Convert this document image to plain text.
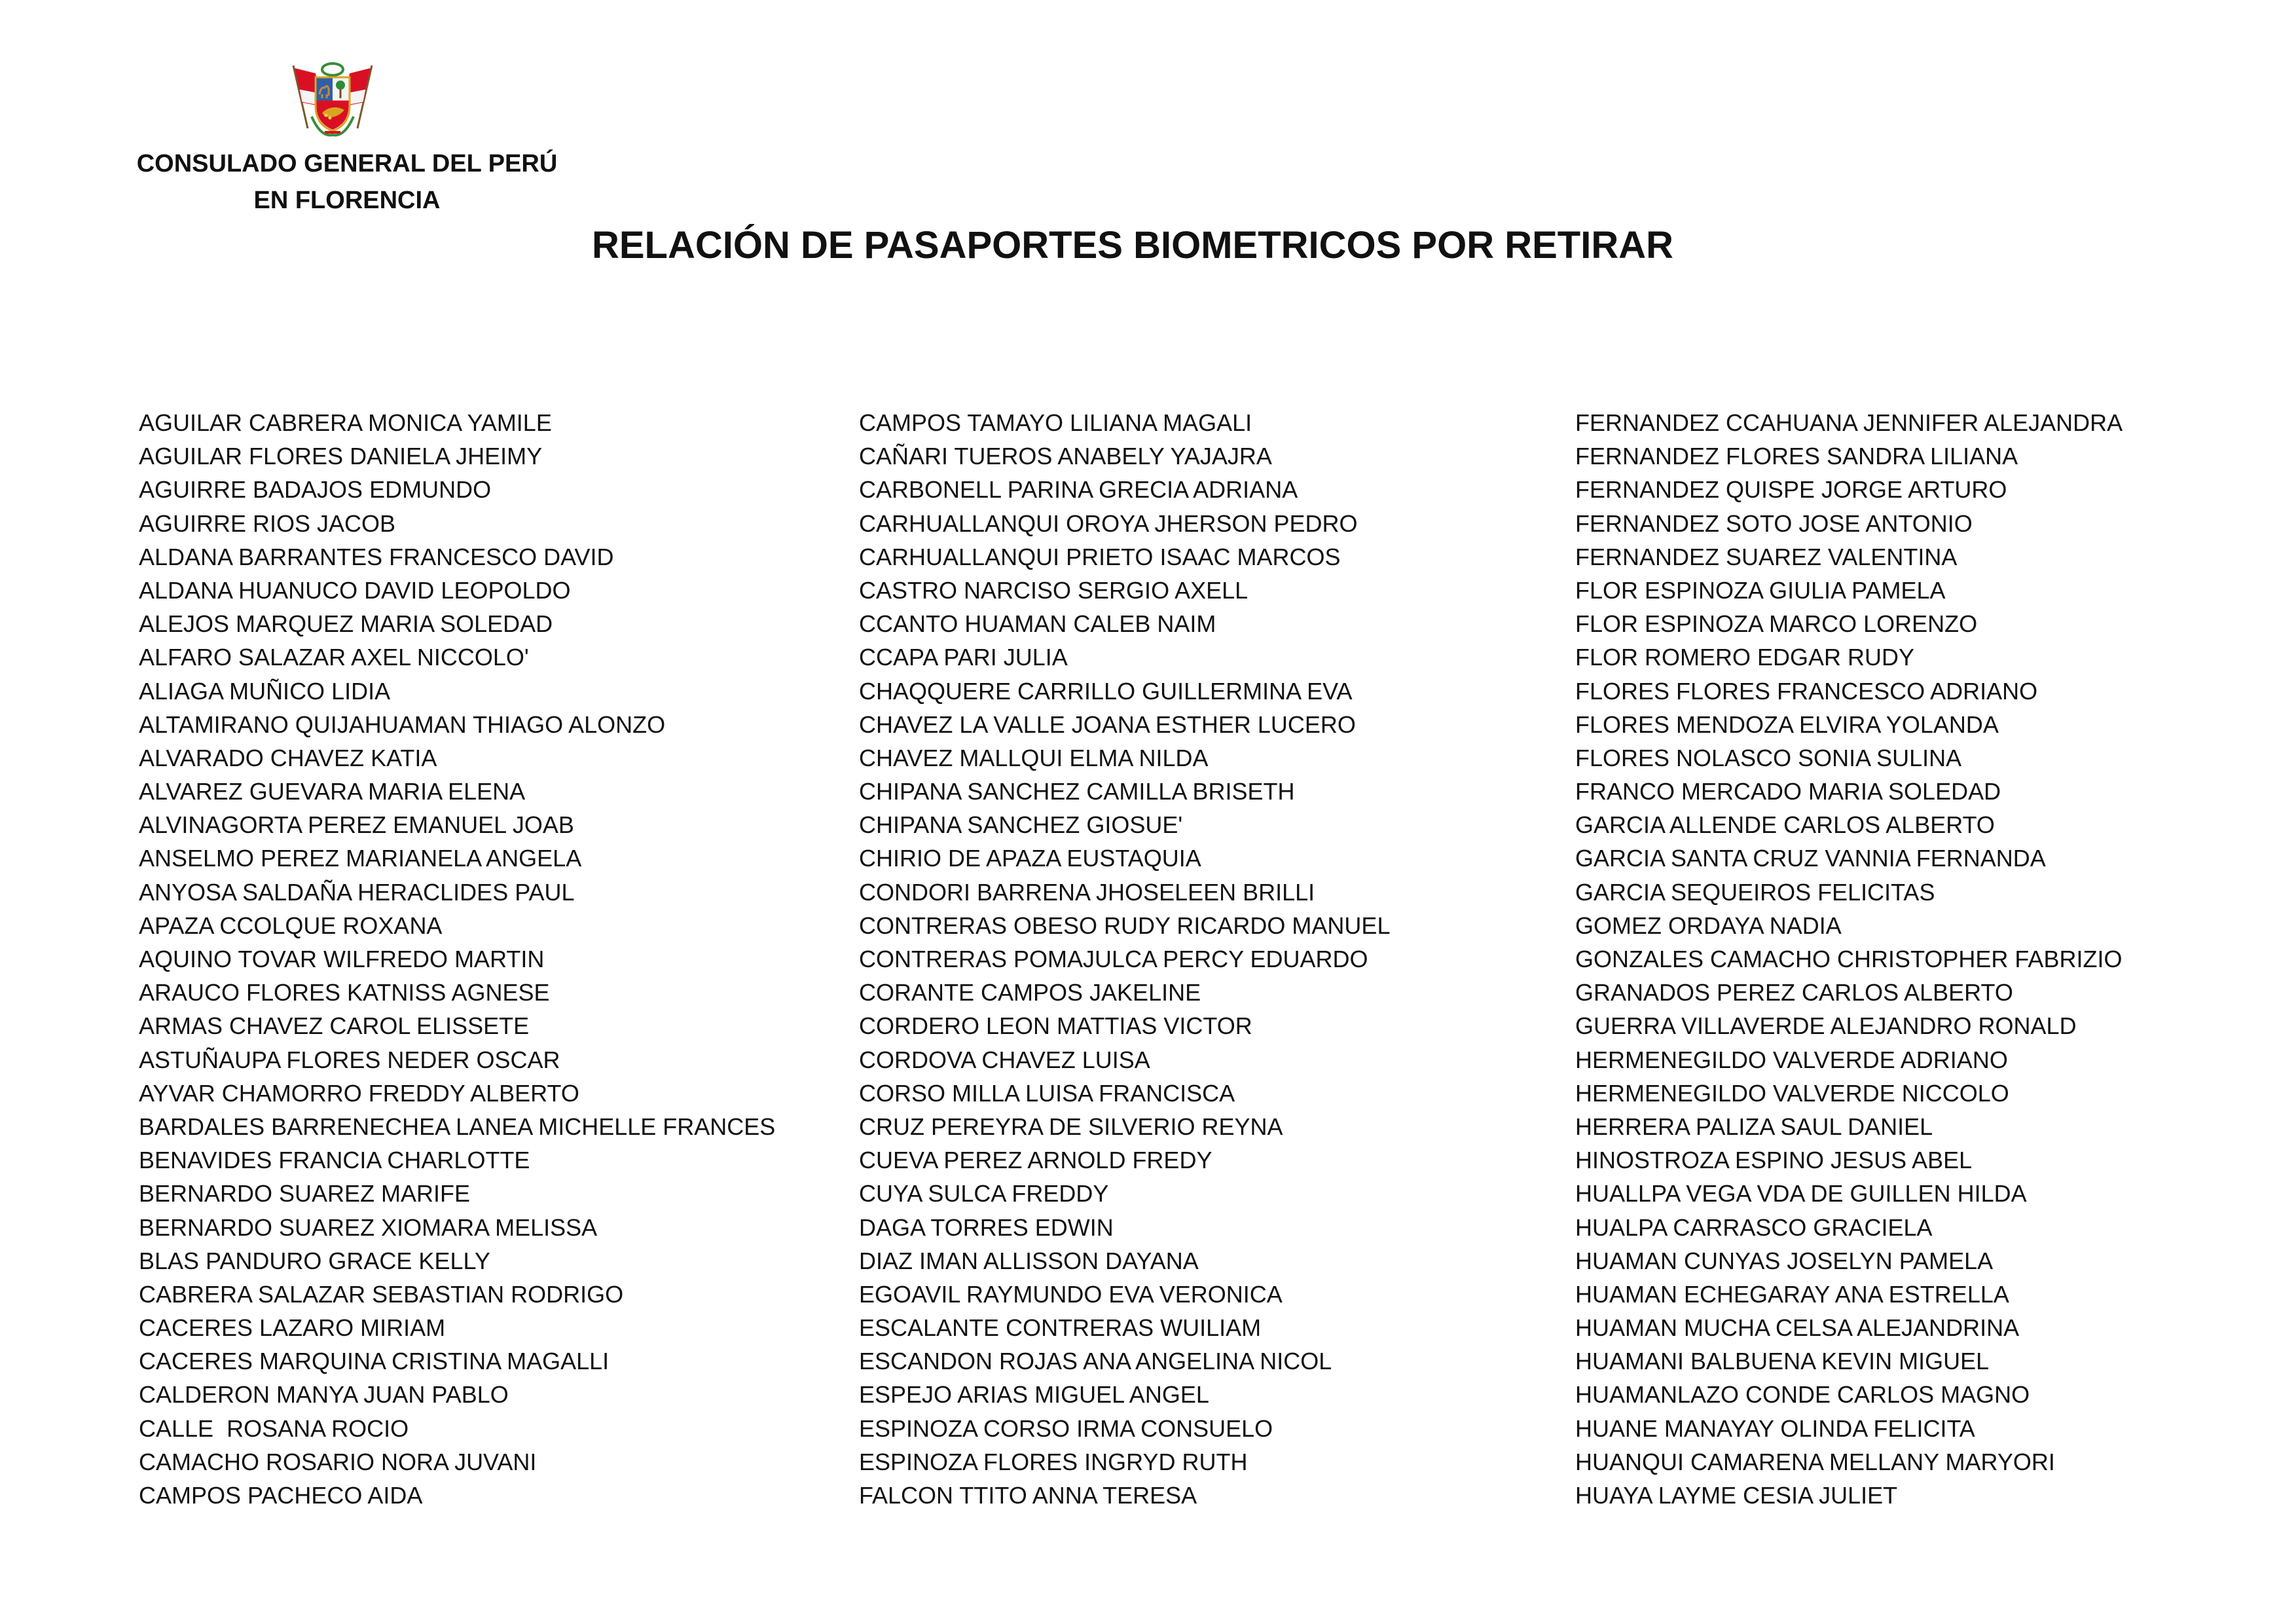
CONSULADO GENERAL DEL PERÚ
EN FLORENCIA
RELACIÓN DE PASAPORTES BIOMETRICOS POR RETIRAR
AGUILAR CABRERA MONICA YAMILE
AGUILAR FLORES DANIELA JHEIMY
AGUIRRE BADAJOS EDMUNDO
AGUIRRE RIOS JACOB
ALDANA BARRANTES FRANCESCO DAVID
ALDANA HUANUCO DAVID LEOPOLDO
ALEJOS MARQUEZ MARIA SOLEDAD
ALFARO SALAZAR AXEL NICCOLO'
ALIAGA MUÑICO LIDIA
ALTAMIRANO QUIJAHUAMAN THIAGO ALONZO
ALVARADO CHAVEZ KATIA
ALVAREZ GUEVARA MARIA ELENA
ALVINAGORTA PEREZ EMANUEL JOAB
ANSELMO PEREZ MARIANELA ANGELA
ANYOSA SALDAÑA HERACLIDES PAUL
APAZA CCOLQUE ROXANA
AQUINO TOVAR WILFREDO MARTIN
ARAUCO FLORES KATNISS AGNESE
ARMAS CHAVEZ CAROL ELISSETE
ASTUÑAUPA FLORES NEDER OSCAR
AYVAR CHAMORRO FREDDY ALBERTO
BARDALES BARRENECHEA LANEA MICHELLE FRANCES
BENAVIDES FRANCIA CHARLOTTE
BERNARDO SUAREZ MARIFE
BERNARDO SUAREZ XIOMARA MELISSA
BLAS PANDURO GRACE KELLY
CABRERA SALAZAR SEBASTIAN RODRIGO
CACERES LAZARO MIRIAM
CACERES MARQUINA CRISTINA MAGALLI
CALDERON MANYA JUAN PABLO
CALLE  ROSANA ROCIO
CAMACHO ROSARIO NORA JUVANI
CAMPOS PACHECO AIDA
CAMPOS TAMAYO LILIANA MAGALI
CAÑARI TUEROS ANABELY YAJAJRA
CARBONELL PARINA GRECIA ADRIANA
CARHUALLANQUI OROYA JHERSON PEDRO
CARHUALLANQUI PRIETO ISAAC MARCOS
CASTRO NARCISO SERGIO AXELL
CCANTO HUAMAN CALEB NAIM
CCAPA PARI JULIA
CHAQQUERE CARRILLO GUILLERMINA EVA
CHAVEZ LA VALLE JOANA ESTHER LUCERO
CHAVEZ MALLQUI ELMA NILDA
CHIPANA SANCHEZ CAMILLA BRISETH
CHIPANA SANCHEZ GIOSUE'
CHIRIO DE APAZA EUSTAQUIA
CONDORI BARRENA JHOSELEEN BRILLI
CONTRERAS OBESO RUDY RICARDO MANUEL
CONTRERAS POMAJULCA PERCY EDUARDO
CORANTE CAMPOS JAKELINE
CORDERO LEON MATTIAS VICTOR
CORDOVA CHAVEZ LUISA
CORSO MILLA LUISA FRANCISCA
CRUZ PEREYRA DE SILVERIO REYNA
CUEVA PEREZ ARNOLD FREDY
CUYA SULCA FREDDY
DAGA TORRES EDWIN
DIAZ IMAN ALLISSON DAYANA
EGOAVIL RAYMUNDO EVA VERONICA
ESCALANTE CONTRERAS WUILIAM
ESCANDON ROJAS ANA ANGELINA NICOL
ESPEJO ARIAS MIGUEL ANGEL
ESPINOZA CORSO IRMA CONSUELO
ESPINOZA FLORES INGRYD RUTH
FALCON TTITO ANNA TERESA
FERNANDEZ CCAHUANA JENNIFER ALEJANDRA
FERNANDEZ FLORES SANDRA LILIANA
FERNANDEZ QUISPE JORGE ARTURO
FERNANDEZ SOTO JOSE ANTONIO
FERNANDEZ SUAREZ VALENTINA
FLOR ESPINOZA GIULIA PAMELA
FLOR ESPINOZA MARCO LORENZO
FLOR ROMERO EDGAR RUDY
FLORES FLORES FRANCESCO ADRIANO
FLORES MENDOZA ELVIRA YOLANDA
FLORES NOLASCO SONIA SULINA
FRANCO MERCADO MARIA SOLEDAD
GARCIA ALLENDE CARLOS ALBERTO
GARCIA SANTA CRUZ VANNIA FERNANDA
GARCIA SEQUEIROS FELICITAS
GOMEZ ORDAYA NADIA
GONZALES CAMACHO CHRISTOPHER FABRIZIO
GRANADOS PEREZ CARLOS ALBERTO
GUERRA VILLAVERDE ALEJANDRO RONALD
HERMENEGILDO VALVERDE ADRIANO
HERMENEGILDO VALVERDE NICCOLO
HERRERA PALIZA SAUL DANIEL
HINOSTROZA ESPINO JESUS ABEL
HUALLPA VEGA VDA DE GUILLEN HILDA
HUALPA CARRASCO GRACIELA
HUAMAN CUNYAS JOSELYN PAMELA
HUAMAN ECHEGARAY ANA ESTRELLA
HUAMAN MUCHA CELSA ALEJANDRINA
HUAMANI BALBUENA KEVIN MIGUEL
HUAMANLAZO CONDE CARLOS MAGNO
HUANE MANAYAY OLINDA FELICITA
HUANQUI CAMARENA MELLANY MARYORI
HUAYA LAYME CESIA JULIET
